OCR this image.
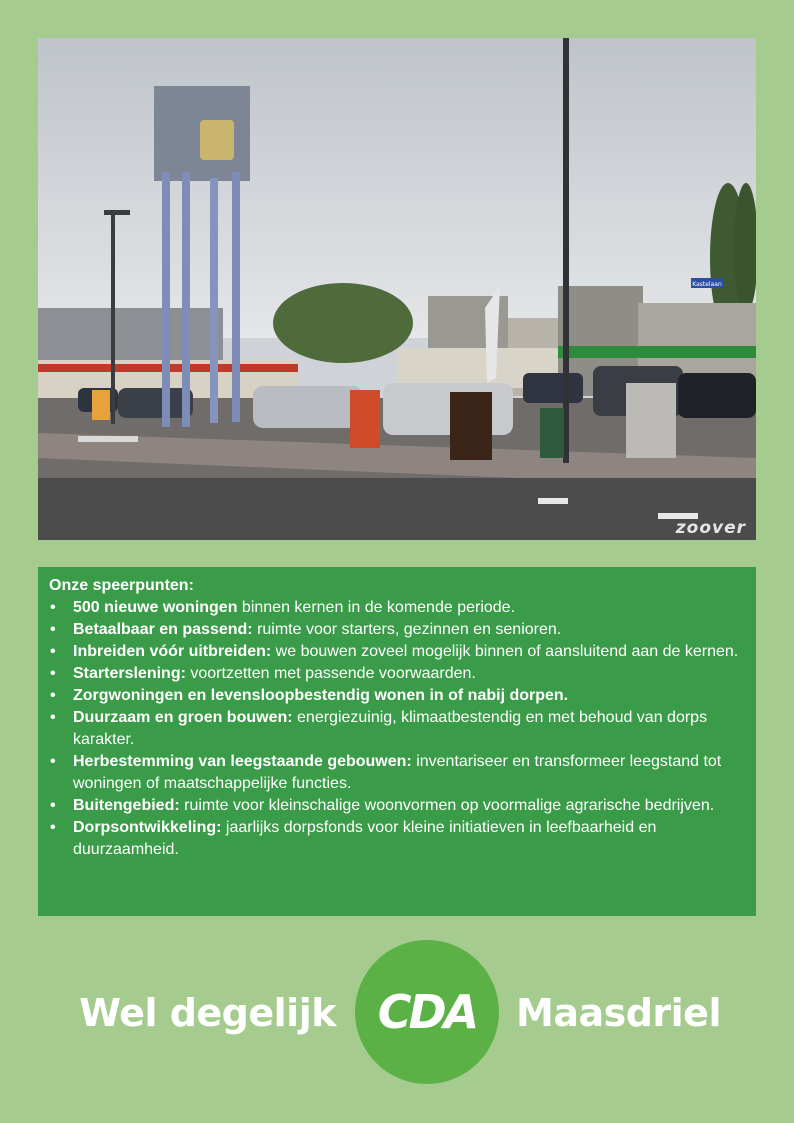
Kastelaan
zoover
Onze speerpunten:
• 500 nieuwe woningen binnen kernen in de komende periode.
• Betaalbaar en passend: ruimte voor starters, gezinnen en senioren.
• Inbreiden vóór uitbreiden: we bouwen zoveel mogelijk binnen of aansluitend aan de kernen.
• Starterslening: voortzetten met passende voorwaarden.
• Zorgwoningen en levensloopbestendig wonen in of nabij dorpen.
• Duurzaam en groen bouwen: energiezuinig, klimaatbestendig en met behoud van dorps karakter.
• Herbestemming van leegstaande gebouwen: inventariseer en transformeer leegstand tot woningen of maatschappelijke functies.
• Buitengebied: ruimte voor kleinschalige woonvormen op voormalige agrarische bedrijven.
• Dorpsontwikkeling: jaarlijks dorpsfonds voor kleine initiatieven in leefbaarheid en duurzaamheid.
Wel degelijk CDA Maasdriel
